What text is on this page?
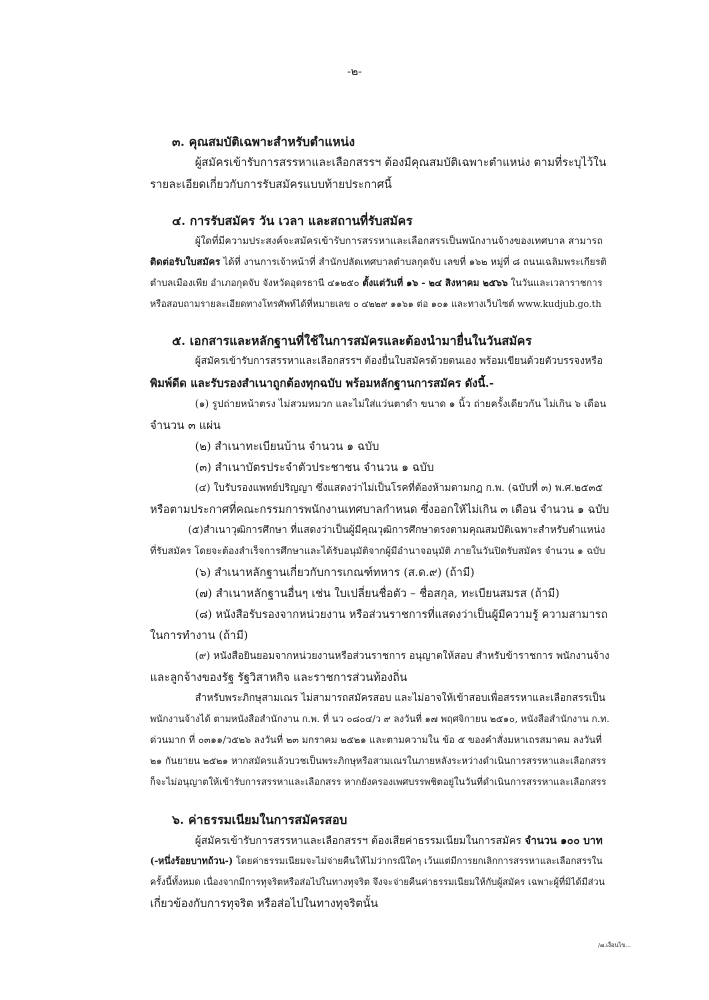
-๒-
๓. คุณสมบัติเฉพาะสำหรับตำแหน่ง
ผู้สมัครเข้ารับการสรรหาและเลือกสรรฯ ต้องมีคุณสมบัติเฉพาะตำแหน่ง ตามที่ระบุไว้ใน
รายละเอียดเกี่ยวกับการรับสมัครแบบท้ายประกาศนี้
๔. การรับสมัคร วัน เวลา และสถานที่รับสมัคร
ผู้ใดที่มีความประสงค์จะสมัครเข้ารับการสรรหาและเลือกสรรเป็นพนักงานจ้างของเทศบาล สามารถ
ติดต่อรับใบสมัคร ได้ที่ งานการเจ้าหน้าที่ สำนักปลัดเทศบาลตำบลกุดจับ เลขที่ ๑๖๒ หมู่ที่ ๘ ถนนเฉลิมพระเกียรติ
ตำบลเมืองเพีย อำเภอกุดจับ จังหวัดอุดรธานี ๔๑๒๕๐ ตั้งแต่วันที่ ๑๖ - ๒๔ สิงหาคม ๒๕๖๖ ในวันและเวลาราชการ
หรือสอบถามรายละเอียดทางโทรศัพท์ได้ที่หมายเลข ๐ ๔๒๒๙ ๑๑๖๑ ต่อ ๑๐๑ และทางเว็บไซต์ www.kudjub.go.th
๕. เอกสารและหลักฐานที่ใช้ในการสมัครและต้องนำมายื่นในวันสมัคร
ผู้สมัครเข้ารับการสรรหาและเลือกสรรฯ ต้องยื่นใบสมัครด้วยตนเอง พร้อมเขียนด้วยตัวบรรจงหรือ
พิมพ์ดีด และรับรองสำเนาถูกต้องทุกฉบับ พร้อมหลักฐานการสมัคร ดังนี้.-
(๑) รูปถ่ายหน้าตรง ไม่สวมหมวก และไม่ใส่แว่นตาดำ ขนาด ๑ นิ้ว ถ่ายครั้งเดียวกัน ไม่เกิน ๖ เดือน
จำนวน ๓ แผ่น
(๒) สำเนาทะเบียนบ้าน จำนวน ๑ ฉบับ
(๓) สำเนาบัตรประจำตัวประชาชน จำนวน ๑ ฉบับ
(๔) ใบรับรองแพทย์ปริญญา ซึ่งแสดงว่าไม่เป็นโรคที่ต้องห้ามตามกฎ ก.พ. (ฉบับที่ ๓) พ.ศ.๒๕๓๕
หรือตามประกาศที่คณะกรรมการพนักงานเทศบาลกำหนด ซึ่งออกให้ไม่เกิน ๓ เดือน จำนวน ๑ ฉบับ
(๕)สำเนาวุฒิการศึกษา ที่แสดงว่าเป็นผู้มีคุณวุฒิการศึกษาตรงตามคุณสมบัติเฉพาะสำหรับตำแหน่ง
ที่รับสมัคร โดยจะต้องสำเร็จการศึกษาและได้รับอนุมัติจากผู้มีอำนาจอนุมัติ ภายในวันปิดรับสมัคร จำนวน ๑ ฉบับ
(๖) สำเนาหลักฐานเกี่ยวกับการเกณฑ์ทหาร (ส.ด.๙) (ถ้ามี)
(๗) สำเนาหลักฐานอื่นๆ เช่น ใบเปลี่ยนชื่อตัว – ชื่อสกุล, ทะเบียนสมรส (ถ้ามี)
(๘) หนังสือรับรองจากหน่วยงาน หรือส่วนราชการที่แสดงว่าเป็นผู้มีความรู้ ความสามารถ
ในการทำงาน (ถ้ามี)
(๙) หนังสือยินยอมจากหน่วยงานหรือส่วนราชการ อนุญาตให้สอบ สำหรับข้าราชการ พนักงานจ้าง
และลูกจ้างของรัฐ รัฐวิสาหกิจ และราชการส่วนท้องถิ่น
สำหรับพระภิกษุสามเณร ไม่สามารถสมัครสอบ และไม่อาจให้เข้าสอบเพื่อสรรหาและเลือกสรรเป็น
พนักงานจ้างได้ ตามหนังสือสำนักงาน ก.พ. ที่ นว ๐๘๐๔/ว ๙ ลงวันที่ ๑๗ พฤศจิกายน ๒๕๑๐, หนังสือสำนักงาน ก.ท.
ด่วนมาก ที่ ๐๓๑๑/ว๕๒๖ ลงวันที่ ๒๓ มกราคม ๒๕๒๑ และตามความใน ข้อ ๕ ของคำสั่งมหาเถรสมาคม ลงวันที่
๒๑ กันยายน ๒๕๒๑ หากสมัครแล้วบวชเป็นพระภิกษุหรือสามเณรในภายหลังระหว่างดำเนินการสรรหาและเลือกสรร
ก็จะไม่อนุญาตให้เข้ารับการสรรหาและเลือกสรร หากยังครองเพศบรรพชิตอยู่ในวันที่ดำเนินการสรรหาและเลือกสรร
๖. ค่าธรรมเนียมในการสมัครสอบ
ผู้สมัครเข้ารับการสรรหาและเลือกสรรฯ ต้องเสียค่าธรรมเนียมในการสมัคร จำนวน ๑๐๐ บาท
(-หนึ่งร้อยบาทถ้วน-) โดยค่าธรรมเนียมจะไม่จ่ายคืนให้ไม่ว่ากรณีใดๆ เว้นแต่มีการยกเลิกการสรรหาและเลือกสรรใน
ครั้งนี้ทั้งหมด เนื่องจากมีการทุจริตหรือส่อไปในทางทุจริต จึงจะจ่ายคืนค่าธรรมเนียมให้กับผู้สมัคร เฉพาะผู้ที่มิได้มีส่วน
เกี่ยวข้องกับการทุจริต หรือส่อไปในทางทุจริตนั้น
/๗.เงื่อนไข...
